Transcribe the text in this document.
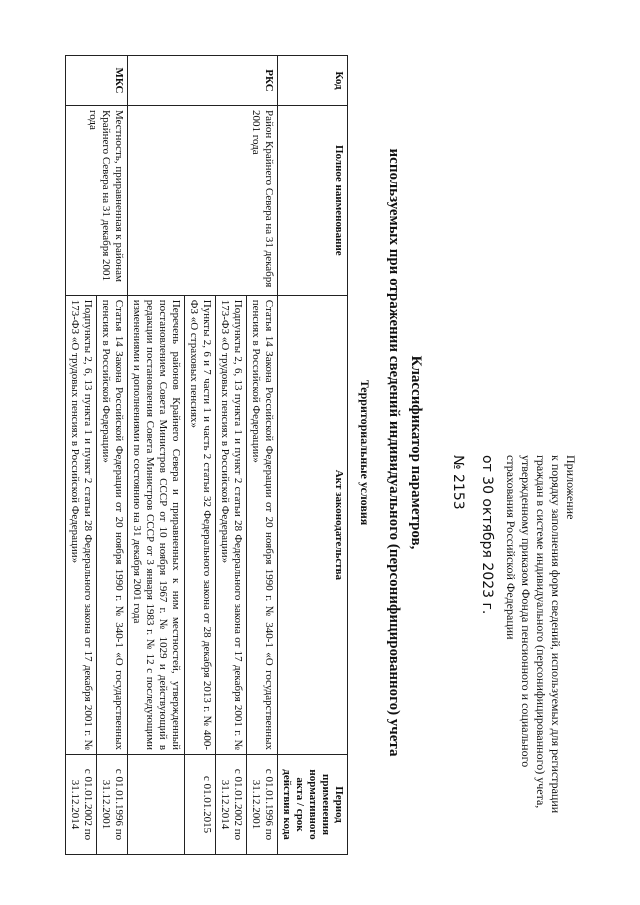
Приложение
к порядку заполнения форм сведений, используемых для регистрации
граждан в системе индивидуального (персонифицированного) учета,
утвержденному приказом Фонда пенсионного и социального
страхования Российской Федерации
от 30 октября 2023 г.
№ 2153
Классификатор параметров,
используемых при отражении сведений индивидуального (персонифицированного) учета
Территориальные условия
Код	Полное наименование	Акт законодательства	Период применения нормативного акта / срок действия кода
РКС	Район Крайнего Севера на 31 декабря 2001 года	Статья 14 Закона Российской Федерации от 20 ноября 1990 г. № 340-1 «О государственных пенсиях в Российской Федерации»	с 01.01.1996 по 31.12.2001
		Подпункты 2, 6, 13 пункта 1 и пункт 2 статьи 28 Федерального закона от 17 декабря 2001 г. № 173-ФЗ «О трудовых пенсиях в Российской Федерации»	с 01.01.2002 по 31.12.2014
		Пункты 2, 6 и 7 части 1 и часть 2 статьи 32 Федерального закона от 28 декабря 2013 г. № 400-ФЗ «О страховых пенсиях»	с 01.01.2015
		Перечень районов Крайнего Севера и приравненных к ним местностей, утвержденный постановлением Совета Министров СССР от 10 ноября 1967 г. № 1029 и действующий в редакции постановления Совета Министров СССР от 3 января 1983 г. № 12 с последующими изменениями и дополнениями по состоянию на 31 декабря 2001 года	
МКС	Местность, приравненная к районам Крайнего Севера на 31 декабря 2001 года	Статья 14 Закона Российской Федерации от 20 ноября 1990 г. № 340-1 «О государственных пенсиях в Российской Федерации»	с 01.01.1996 по 31.12.2001
		Подпункты 2, 6, 13 пункта 1 и пункт 2 статьи 28 Федерального закона от 17 декабря 2001 г. № 173-ФЗ «О трудовых пенсиях в Российской Федерации»	с 01.01.2002 по 31.12.2014
